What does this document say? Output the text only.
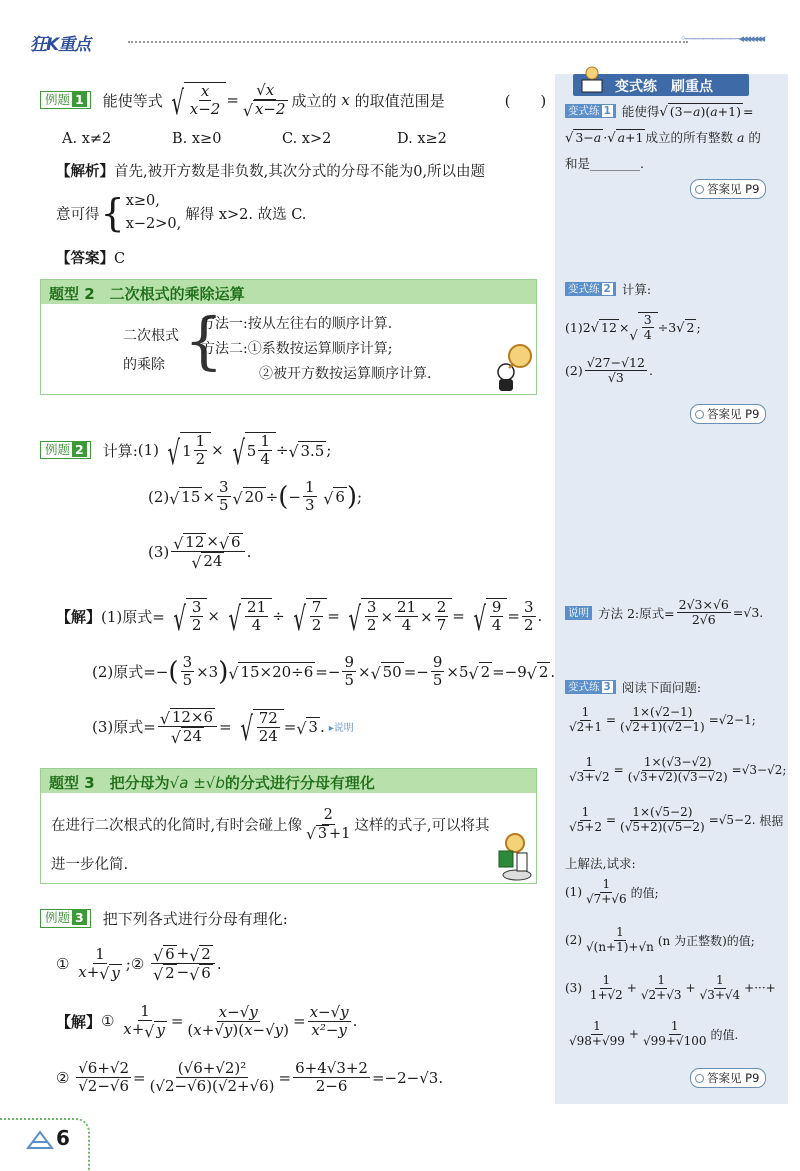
狂K重点	◦——————◂◂◂◂◂◂◂
例题 1	能使等式 √ $\frac{x}{x-2} = \frac{√x}{√ x-2}$ 成立的 x 的取值范围是	(　　)
A. x≠2	B. x≥0	C. x>2	D. x≥2
【解析】首先,被开方数是非负数,其次分式的分母不能为0,所以由题
意可得 { x≥0,
x−2>0,
解得 x>2. 故选 C.
【答案】C
题型 2　二次根式的乘除运算
二次根式
的乘除 {
方法一:按从左往右的顺序计算.
方法二:①系数按运算顺序计算;
②被开方数按运算顺序计算.
例题 2	计算: (1) √ $1 \frac{1}{2}$ × √ $5 \frac{1}{4}$ ÷ √ 3.5 ;
(2) √ $15 \times \frac{3}{5}$ √ 20 ÷ ( − $\frac{1}{3}$
√ 6 ) ;
$(3) \frac{√ 12 \times √ 6}{√ 24}$ .
【解】 (1)原式= √ $\frac{3}{2}$ × √ $\frac{21}{4}$ ÷ √ $\frac{7}{2}$ = √ $\frac{3}{2} \times \frac{21}{4} \times \frac{2}{7}$ = √ $\frac{9}{4} = \frac{3}{2}$ .
(2)原式= − ( $\frac{3}{5} \times 3$ ) √ $15\times 20\div 6 =- \frac{9}{5}$ × √ $50 =- \frac{9}{5} \times 5$ √ 2 =−9 √ 2 .
(3)原式= $\frac{√ 12\times 6}{√ 24}$ = √ $\frac{72}{24}$ = √ 3 . ▸说明
题型 3　把分母为 √a ±√b 的分式进行分母有理化
在进行二次根式的化简时,有时会碰上像 $\frac{2}{√ 3 +1}$ 这样的式子,可以将其
进一步化简.
例题 3	把下列各式进行分母有理化:
① $\frac{1}{x+ √ y}$ ;② $\frac{√ 6 + √ 2}{√ 2 - √ 6}$ .
【解】 ① $\frac{1}{x+ √ y} = \frac{x-√y}{(x+√y)(x-√y)} = \frac{x-√y}{\text{x²−y}}$ .
② $\frac{√6+√2}{√2-√6} = \frac{\text{(√6+√2)²}}{(√2-√6)(√2+√6)} = \frac{6+4√3+2}{2-6} =-2-√3$.
6
变式练　刷重点
变式练 1 能使得 √ (3− a )( a +1) =
√ 3− a · √ a +1 成立的所有整数 a 的
和是________.
答案见 P9
变式练 2 计算:
(1)2 √ 12 ×
√ $\frac{3}{4} \div 3$ √ 2 ;
$(2) \frac{√27-√12}{√3}$ .
答案见 P9
说明 方法 2:原式= $\frac{2√3\times√6}{2√6} =√3$.
变式练 3 阅读下面问题:
$\frac{1}{√2+1} = \frac{1\times(√2-1)}{(√2+1)(√2-1)} =√2-1$;
$\frac{1}{√3+√2} = \frac{1\times(√3-√2)}{(√3+√2)(√3-√2)} =√3-√2$;
$\frac{1}{√5+2} = \frac{1\times(√5-2)}{(√5+2)(√5-2)} =√5-2$. 根据
上解法,试求:
$(1) \frac{1}{√7+√6}$ 的值;
$(2) \frac{1}{√(n+1)+√n} (n$ 为正整数)的值;
$(3) \frac{1}{1+√2} + \frac{1}{√2+√3} + \frac{1}{√3+√4}$ +···+
$\frac{1}{√98+√99} + \frac{1}{√99+√100}$ 的值.
答案见 P9
